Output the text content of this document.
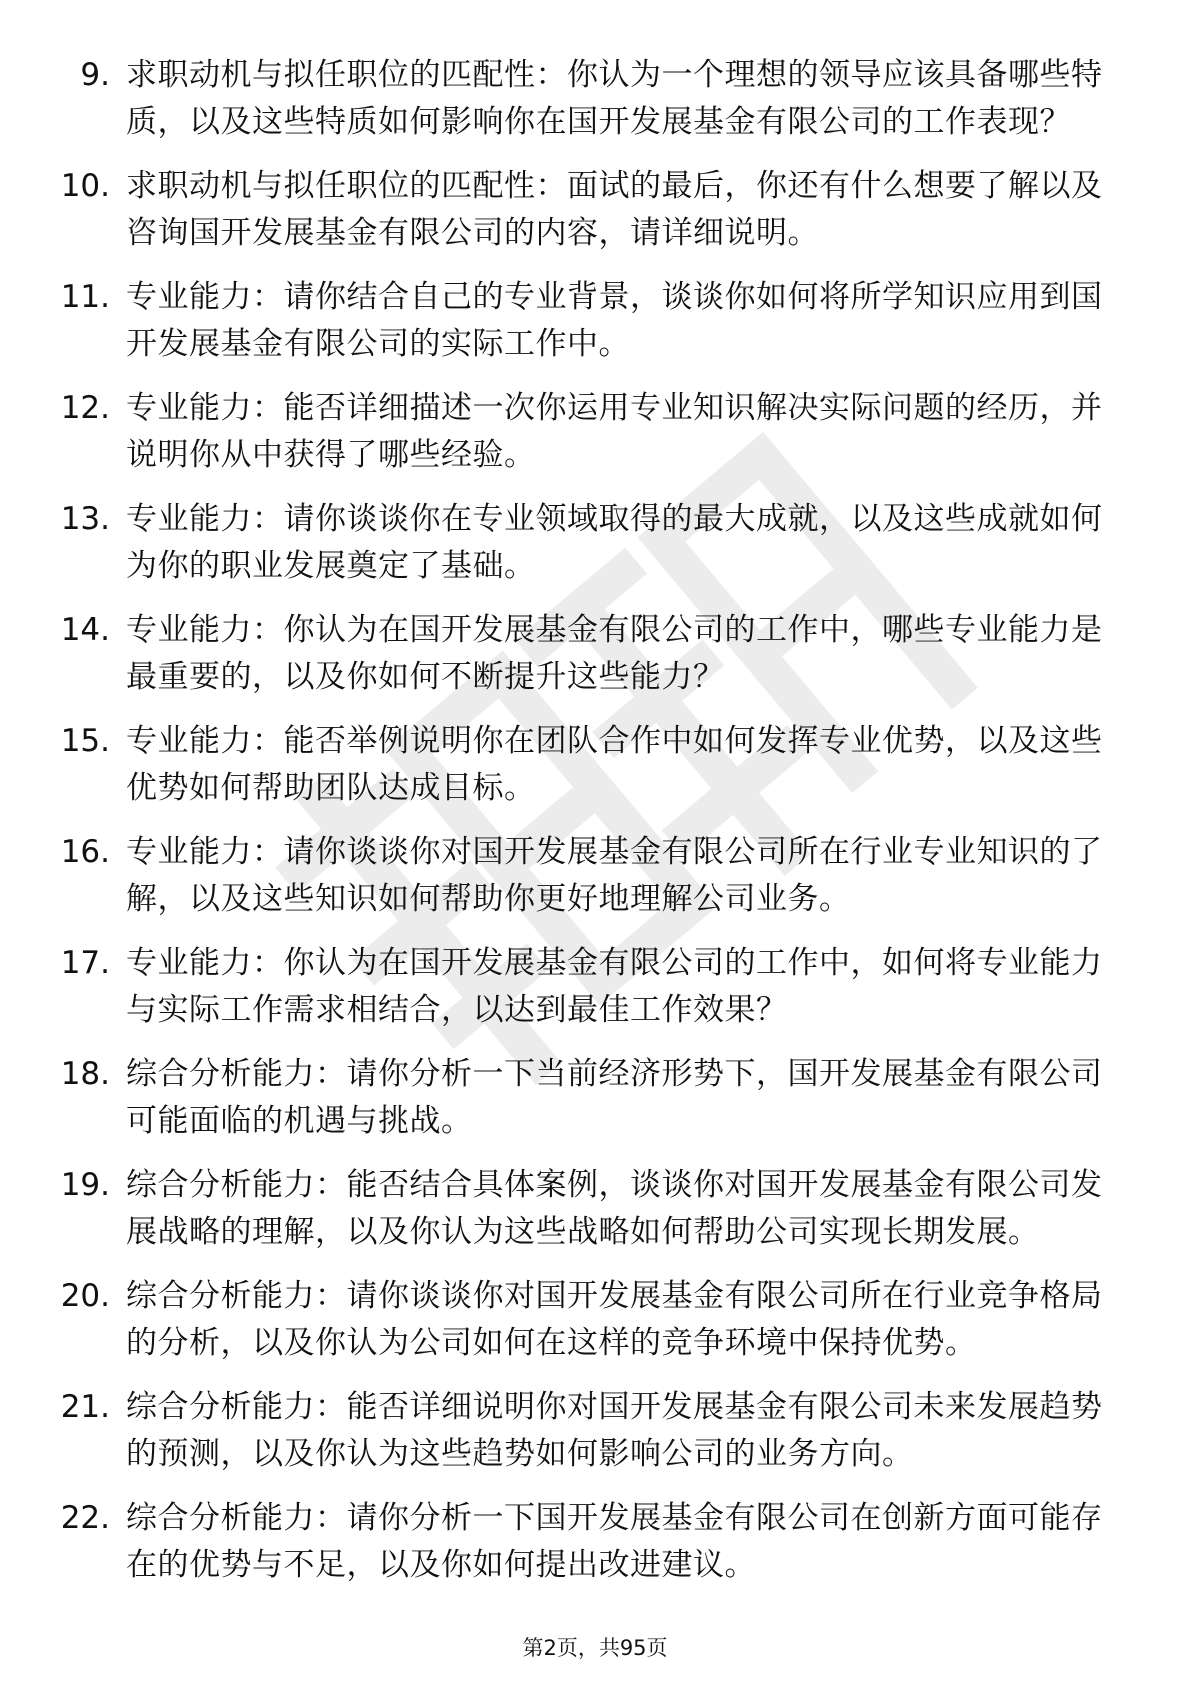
9. 求职动机与拟任职位的匹配性：你认为一个理想的领导应该具备哪些特质，以及这些特质如何影响你在国开发展基金有限公司的工作表现？
10. 求职动机与拟任职位的匹配性：面试的最后，你还有什么想要了解以及咨询国开发展基金有限公司的内容，请详细说明。
11. 专业能力：请你结合自己的专业背景，谈谈你如何将所学知识应用到国开发展基金有限公司的实际工作中。
12. 专业能力：能否详细描述一次你运用专业知识解决实际问题的经历，并说明你从中获得了哪些经验。
13. 专业能力：请你谈谈你在专业领域取得的最大成就，以及这些成就如何为你的职业发展奠定了基础。
14. 专业能力：你认为在国开发展基金有限公司的工作中，哪些专业能力是最重要的，以及你如何不断提升这些能力？
15. 专业能力：能否举例说明你在团队合作中如何发挥专业优势，以及这些优势如何帮助团队达成目标。
16. 专业能力：请你谈谈你对国开发展基金有限公司所在行业专业知识的了解，以及这些知识如何帮助你更好地理解公司业务。
17. 专业能力：你认为在国开发展基金有限公司的工作中，如何将专业能力与实际工作需求相结合，以达到最佳工作效果？
18. 综合分析能力：请你分析一下当前经济形势下，国开发展基金有限公司可能面临的机遇与挑战。
19. 综合分析能力：能否结合具体案例，谈谈你对国开发展基金有限公司发展战略的理解，以及你认为这些战略如何帮助公司实现长期发展。
20. 综合分析能力：请你谈谈你对国开发展基金有限公司所在行业竞争格局的分析，以及你认为公司如何在这样的竞争环境中保持优势。
21. 综合分析能力：能否详细说明你对国开发展基金有限公司未来发展趋势的预测，以及你认为这些趋势如何影响公司的业务方向。
22. 综合分析能力：请你分析一下国开发展基金有限公司在创新方面可能存在的优势与不足，以及你如何提出改进建议。
第2页，共95页
